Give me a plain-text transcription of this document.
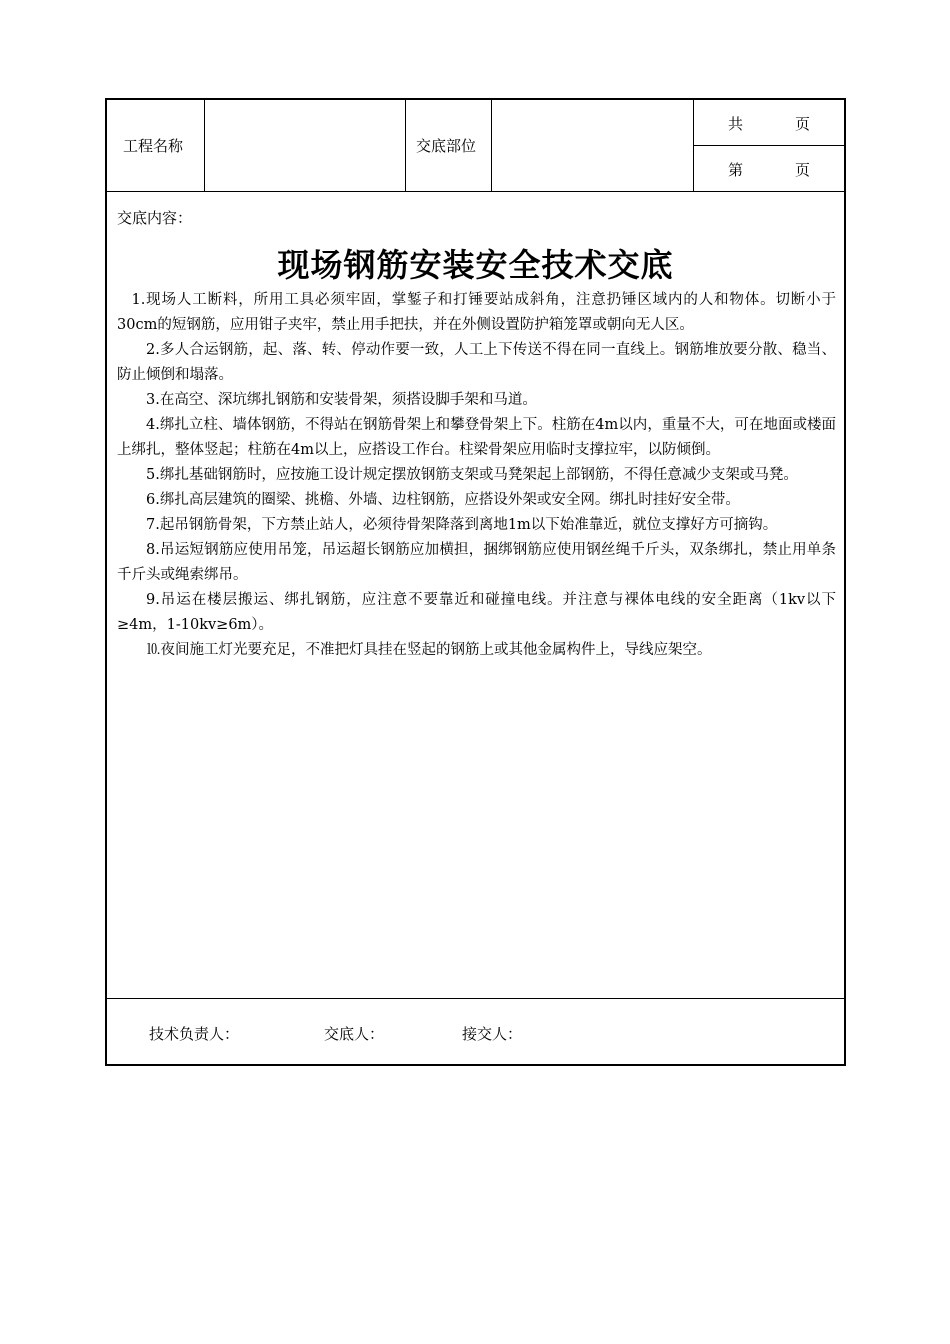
工程名称	交底部位
共	页
第	页
交底内容：
现场钢筋安装安全技术交底

1.现场人工断料，所用工具必须牢固，掌錾子和打锤要站成斜角，注意扔锤区域内的人和物体。切断小于30cm的短钢筋，应用钳子夹牢，禁止用手把扶，并在外侧设置防护箱笼罩或朝向无人区。

2.多人合运钢筋，起、落、转、停动作要一致，人工上下传送不得在同一直线上。钢筋堆放要分散、稳当、防止倾倒和塌落。

3.在高空、深坑绑扎钢筋和安装骨架，须搭设脚手架和马道。

4.绑扎立柱、墙体钢筋，不得站在钢筋骨架上和攀登骨架上下。柱筋在4m以内，重量不大，可在地面或楼面上绑扎，整体竖起；柱筋在4m以上，应搭设工作台。柱梁骨架应用临时支撑拉牢，以防倾倒。

5.绑扎基础钢筋时，应按施工设计规定摆放钢筋支架或马凳架起上部钢筋，不得任意减少支架或马凳。

6.绑扎高层建筑的圈梁、挑檐、外墙、边柱钢筋，应搭设外架或安全网。绑扎时挂好安全带。

7.起吊钢筋骨架，下方禁止站人，必须待骨架降落到离地1m以下始准靠近，就位支撑好方可摘钩。

8.吊运短钢筋应使用吊笼，吊运超长钢筋应加横担，捆绑钢筋应使用钢丝绳千斤头，双条绑扎，禁止用单条千斤头或绳索绑吊。

9.吊运在楼层搬运、绑扎钢筋，应注意不要靠近和碰撞电线。并注意与裸体电线的安全距离（1kv以下≥4m，1-10kv≥6m）。

⒑夜间施工灯光要充足，不准把灯具挂在竖起的钢筋上或其他金属构件上，导线应架空。

技术负责人：	交底人：	接交人：
